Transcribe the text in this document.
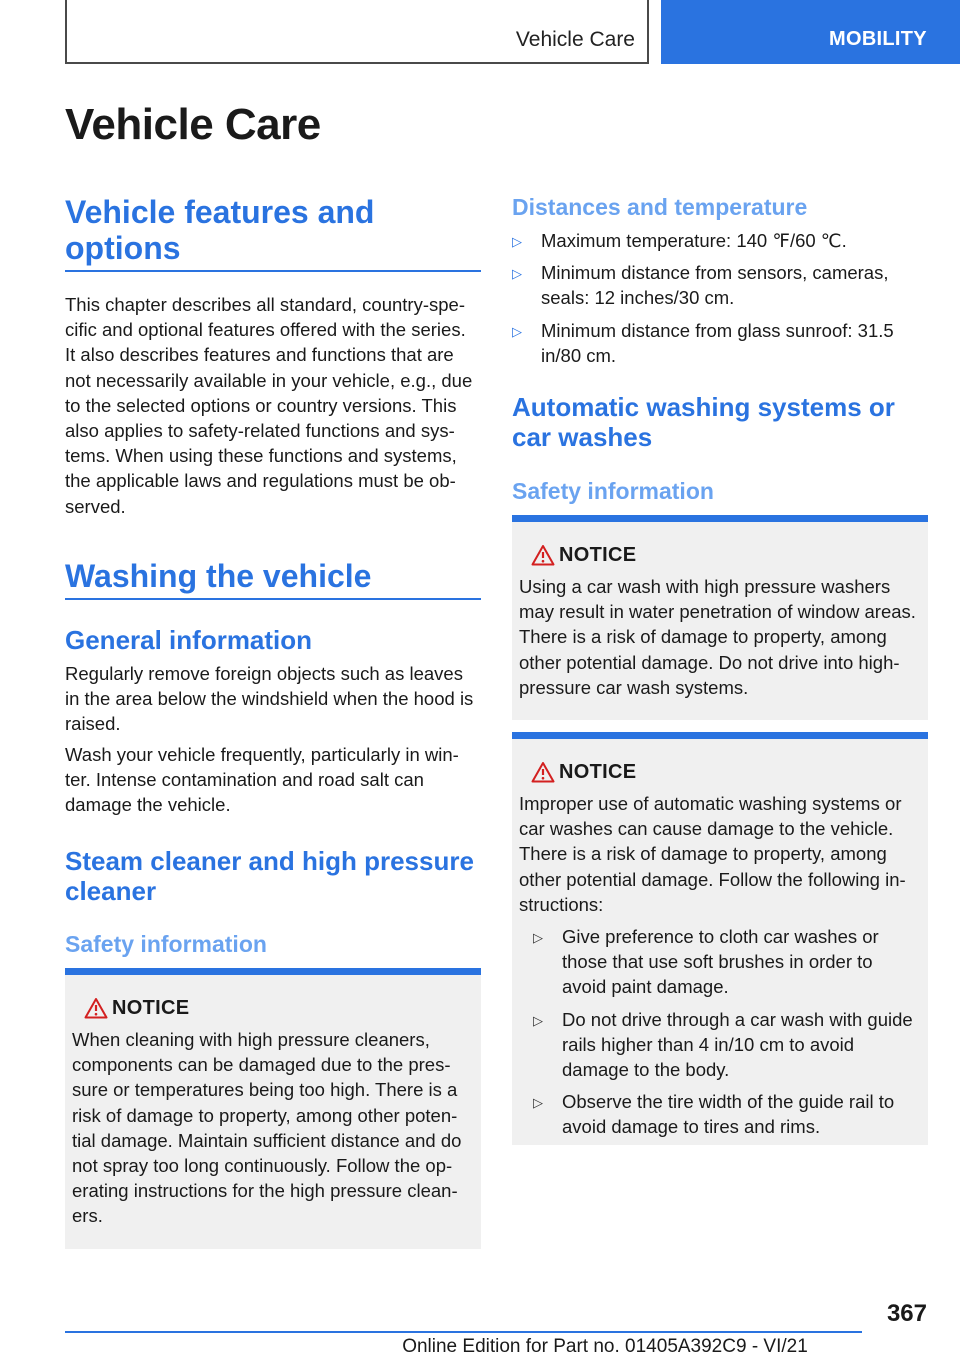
Vehicle Care	MOBILITY
Vehicle Care
Vehicle features and options

This chapter describes all standard, country-spe-cific and optional features offered with the series. It also describes features and functions that are not necessarily available in your vehicle, e.g., due to the selected options or country versions. This also applies to safety-related functions and sys-tems. When using these functions and systems, the applicable laws and regulations must be ob-served.

Washing the vehicle
General information

Regularly remove foreign objects such as leaves in the area below the windshield when the hood is raised.

Wash your vehicle frequently, particularly in win-ter. Intense contamination and road salt can damage the vehicle.

Steam cleaner and high pressure cleaner
Safety information
NOTICE

When cleaning with high pressure cleaners, components can be damaged due to the pres-sure or temperatures being too high. There is a risk of damage to property, among other poten-tial damage. Maintain sufficient distance and do not spray too long continuously. Follow the op-erating instructions for the high pressure clean-ers.

Distances and temperature
▷ Maximum temperature: 140 ℉/60 ℃.
▷ Minimum distance from sensors, cameras, seals: 12 inches/30 cm.
▷ Minimum distance from glass sunroof: 31.5 in/80 cm.
Automatic washing systems or car washes
Safety information
NOTICE

Using a car wash with high pressure washers may result in water penetration of window areas. There is a risk of damage to property, among other potential damage. Do not drive into high-pressure car wash systems.

NOTICE

Improper use of automatic washing systems or car washes can cause damage to the vehicle. There is a risk of damage to property, among other potential damage. Follow the following in-structions:

▷ Give preference to cloth car washes or those that use soft brushes in order to avoid paint damage.
▷ Do not drive through a car wash with guide rails higher than 4 in/10 cm to avoid damage to the body.
▷ Observe the tire width of the guide rail to avoid damage to tires and rims.
367
Online Edition for Part no. 01405A392C9 - VI/21
